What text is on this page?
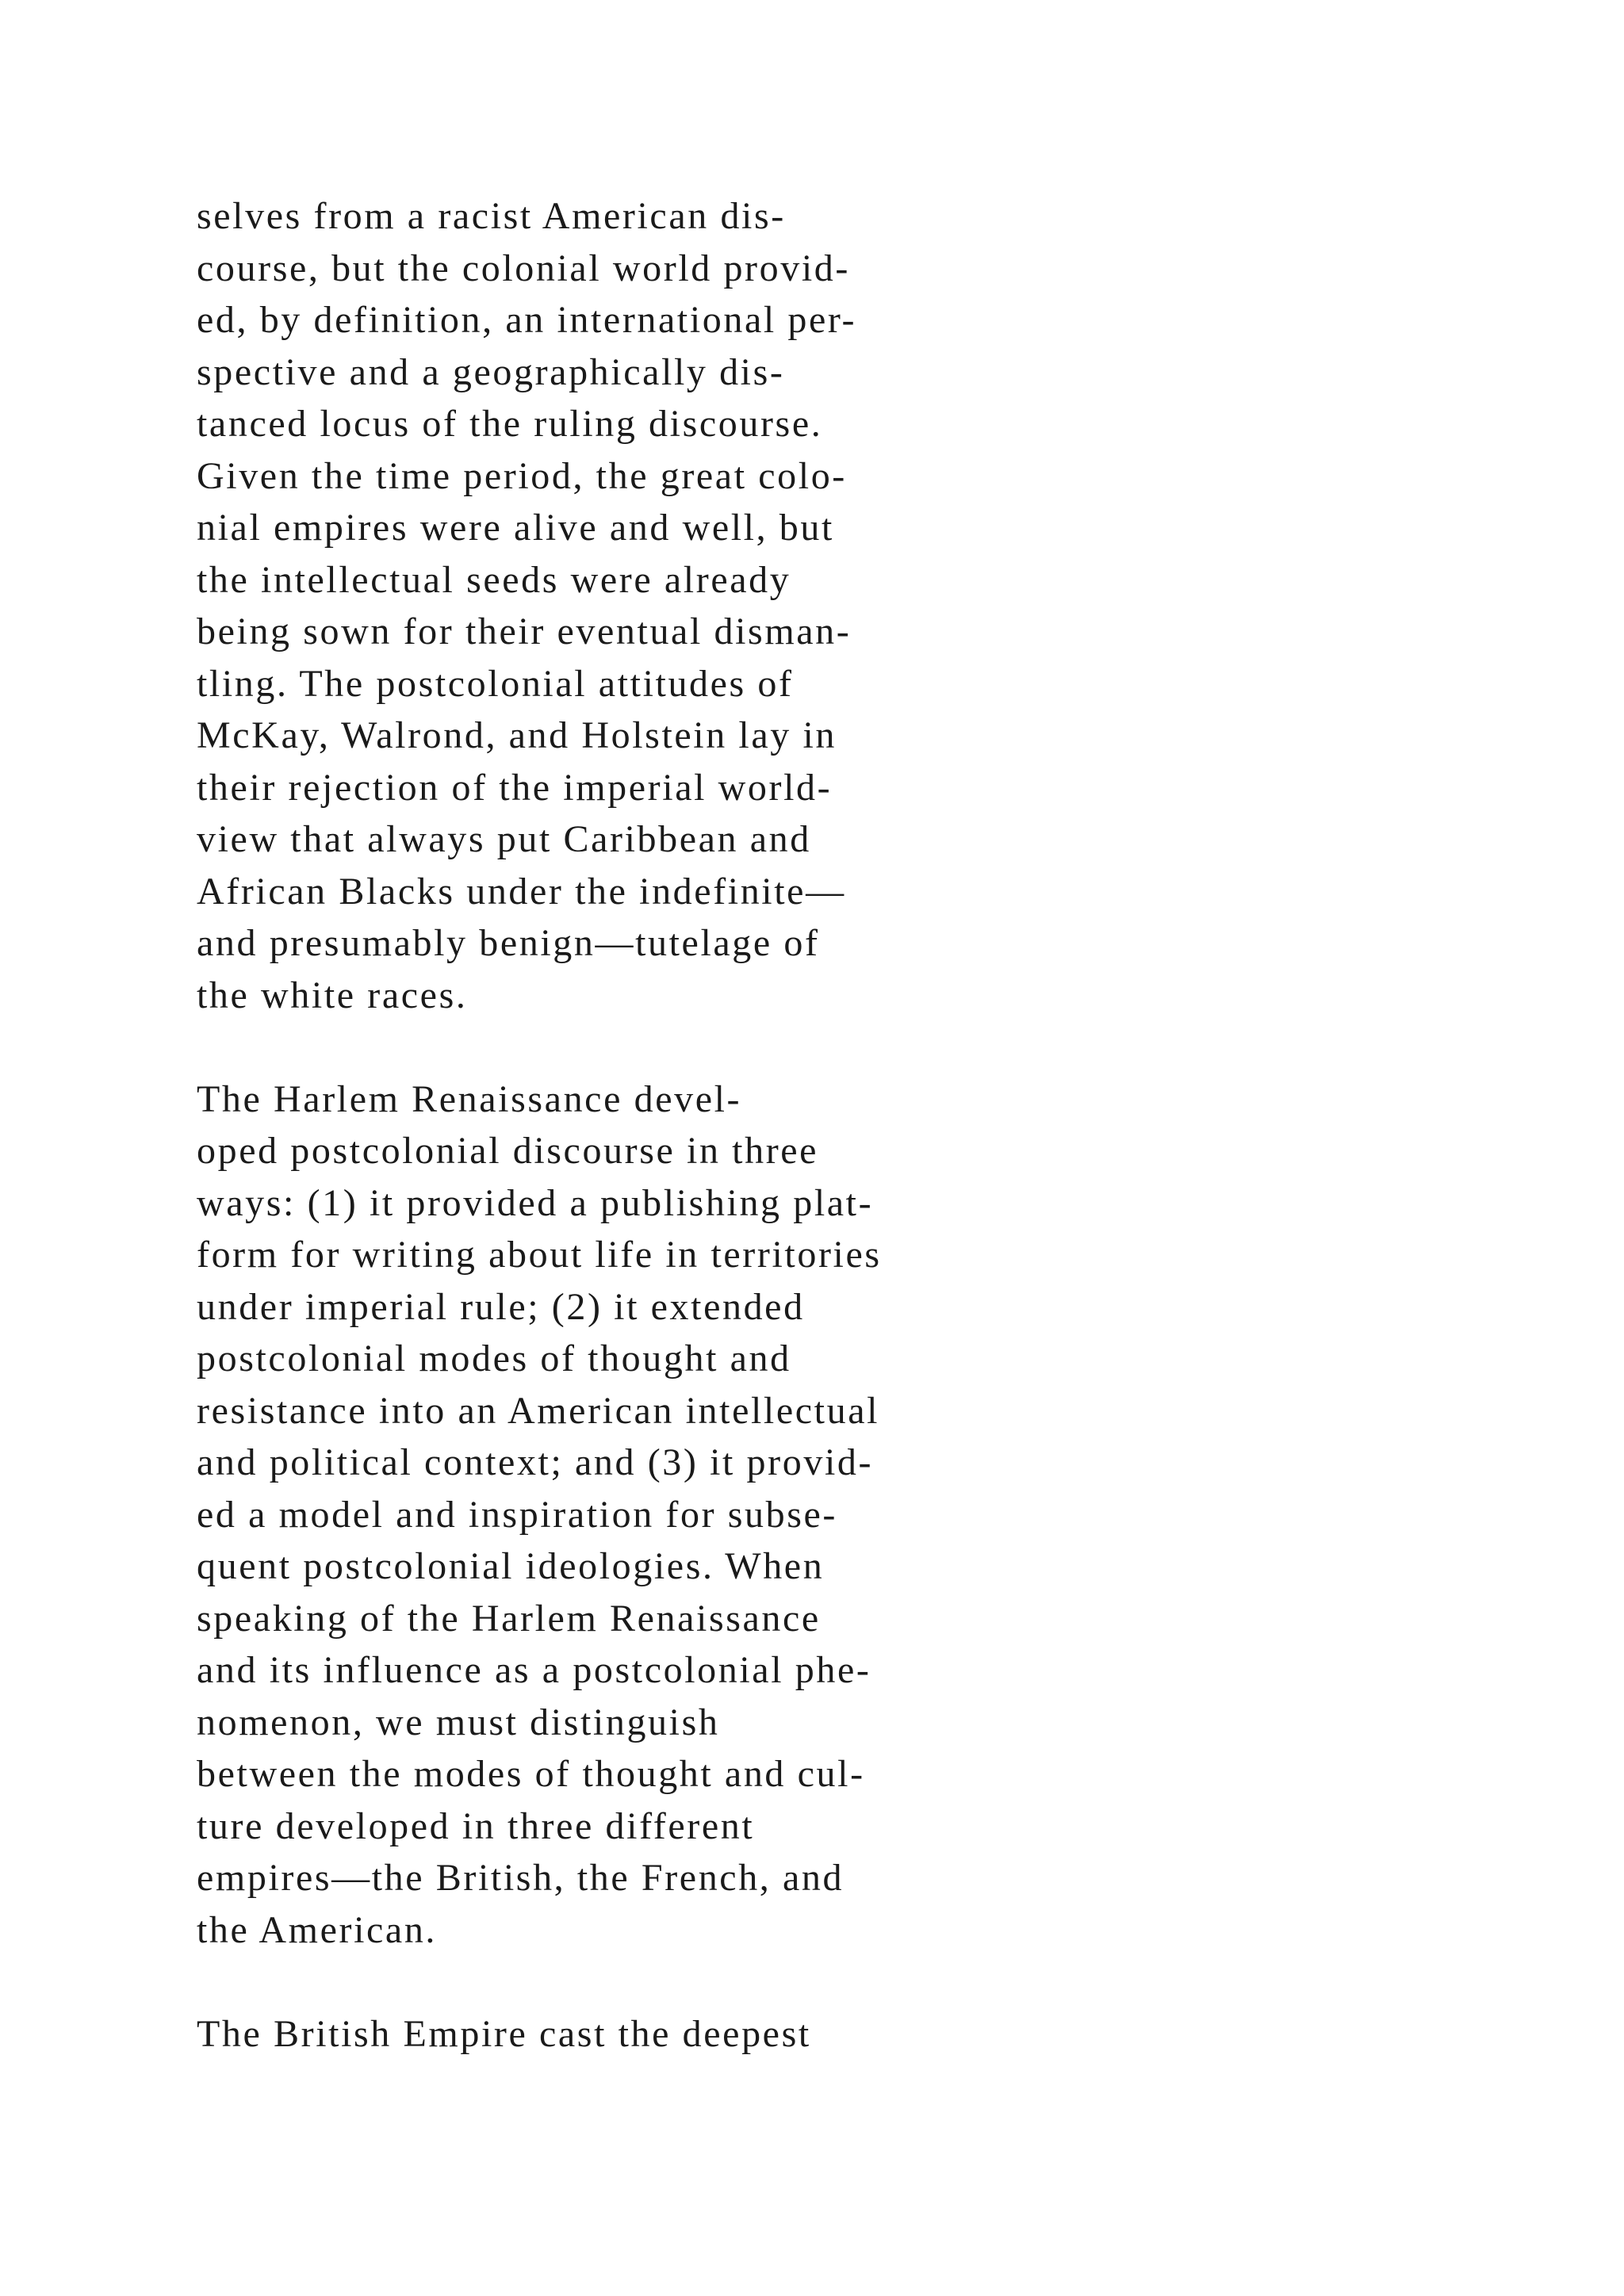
selves from a racist American dis-
course, but the colonial world provid-
ed, by definition, an international per-
spective and a geographically dis-
tanced locus of the ruling discourse.
Given the time period, the great colo-
nial empires were alive and well, but
the intellectual seeds were already
being sown for their eventual disman-
tling. The postcolonial attitudes of
McKay, Walrond, and Holstein lay in
their rejection of the imperial world-
view that always put Caribbean and
African Blacks under the indefinite—
and presumably benign—tutelage of
the white races.

The Harlem Renaissance devel-
oped postcolonial discourse in three
ways: (1) it provided a publishing plat-
form for writing about life in territories
under imperial rule; (2) it extended
postcolonial modes of thought and
resistance into an American intellectual
and political context; and (3) it provid-
ed a model and inspiration for subse-
quent postcolonial ideologies. When
speaking of the Harlem Renaissance
and its influence as a postcolonial phe-
nomenon, we must distinguish
between the modes of thought and cul-
ture developed in three different
empires—the British, the French, and
the American.

The British Empire cast the deepest
